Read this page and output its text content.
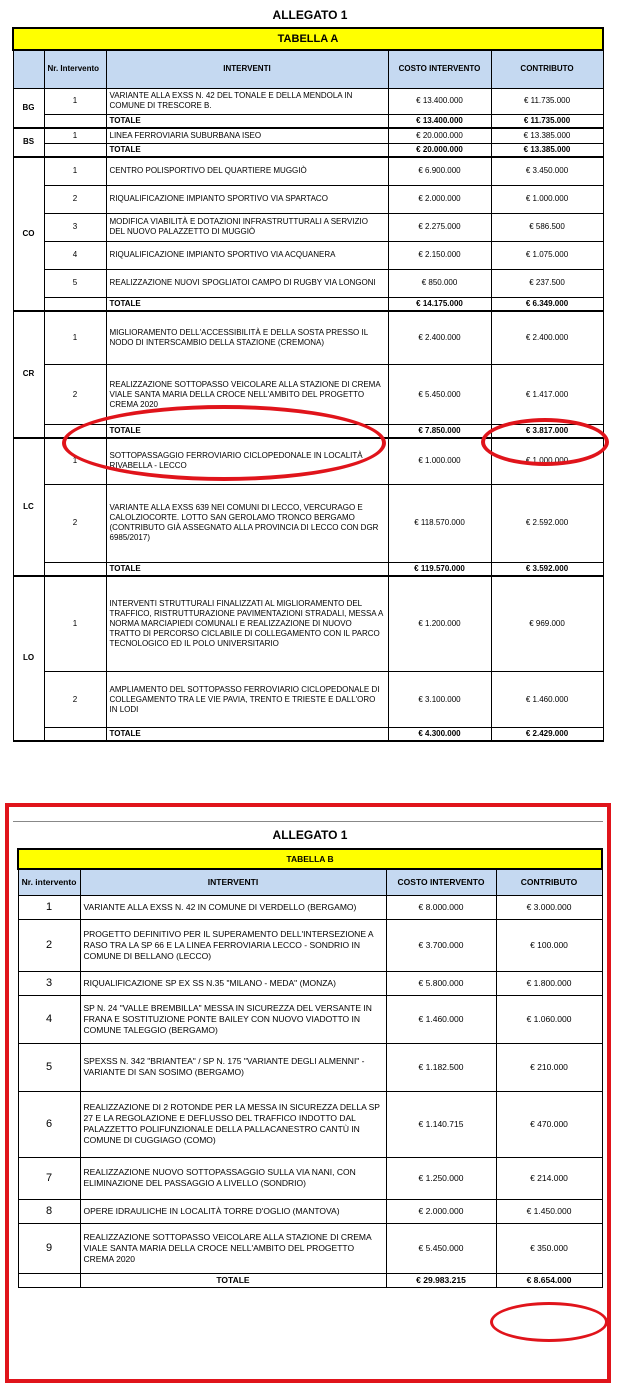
ALLEGATO 1
TABELLA A				
	Nr. Intervento	INTERVENTI	COSTO INTERVENTO	CONTRIBUTO
BG	1	VARIANTE ALLA EXSS N. 42 DEL TONALE E DELLA MENDOLA IN COMUNE DI TRESCORE B.	€ 13.400.000	€ 11.735.000
		TOTALE	€ 13.400.000	€ 11.735.000
BS	1	LINEA FERROVIARIA SUBURBANA ISEO	€ 20.000.000	€ 13.385.000
		TOTALE	€ 20.000.000	€ 13.385.000
CO	1	CENTRO POLISPORTIVO DEL QUARTIERE MUGGIÒ	€ 6.900.000	€ 3.450.000
	2	RIQUALIFICAZIONE IMPIANTO SPORTIVO VIA SPARTACO	€ 2.000.000	€ 1.000.000
	3	MODIFICA VIABILITÀ E DOTAZIONI INFRASTRUTTURALI A SERVIZIO DEL NUOVO PALAZZETTO DI MUGGIÒ	€ 2.275.000	€ 586.500
	4	RIQUALIFICAZIONE IMPIANTO SPORTIVO VIA ACQUANERA	€ 2.150.000	€ 1.075.000
	5	REALIZZAZIONE NUOVI SPOGLIATOI CAMPO DI RUGBY VIA LONGONI	€ 850.000	€ 237.500
		TOTALE	€ 14.175.000	€ 6.349.000
CR	1	MIGLIORAMENTO DELL'ACCESSIBILITÀ E DELLA SOSTA PRESSO IL NODO DI INTERSCAMBIO DELLA STAZIONE (CREMONA)	€ 2.400.000	€ 2.400.000
	2	REALIZZAZIONE SOTTOPASSO VEICOLARE ALLA STAZIONE DI CREMA VIALE SANTA MARIA DELLA CROCE NELL'AMBITO DEL PROGETTO CREMA 2020	€ 5.450.000	€ 1.417.000
		TOTALE	€ 7.850.000	€ 3.817.000
LC	1	SOTTOPASSAGGIO FERROVIARIO CICLOPEDONALE IN LOCALITÀ RIVABELLA - LECCO	€ 1.000.000	€ 1.000.000
	2	VARIANTE ALLA EXSS 639 NEI COMUNI DI LECCO, VERCURAGO E CALOLZIOCORTE. LOTTO SAN GEROLAMO TRONCO BERGAMO (CONTRIBUTO GIÀ ASSEGNATO ALLA PROVINCIA DI LECCO CON DGR 6985/2017)	€ 118.570.000	€ 2.592.000
		TOTALE	€ 119.570.000	€ 3.592.000
LO	1	INTERVENTI STRUTTURALI FINALIZZATI AL MIGLIORAMENTO DEL TRAFFICO, RISTRUTTURAZIONE PAVIMENTAZIONI STRADALI, MESSA A NORMA MARCIAPIEDI COMUNALI E REALIZZAZIONE DI NUOVO TRATTO DI PERCORSO CICLABILE DI COLLEGAMENTO CON IL PARCO TECNOLOGICO ED IL POLO UNIVERSITARIO	€ 1.200.000	€ 969.000
	2	AMPLIAMENTO DEL SOTTOPASSO FERROVIARIO CICLOPEDONALE DI COLLEGAMENTO TRA LE VIE PAVIA, TRENTO E TRIESTE E DALL'ORO IN LODI	€ 3.100.000	€ 1.460.000
		TOTALE	€ 4.300.000	€ 2.429.000
ALLEGATO 1
TABELLA B			
Nr. intervento	INTERVENTI	COSTO INTERVENTO	CONTRIBUTO
1	VARIANTE ALLA EXSS N. 42 IN COMUNE DI VERDELLO (BERGAMO)	€ 8.000.000	€ 3.000.000
2	PROGETTO DEFINITIVO PER IL SUPERAMENTO DELL'INTERSEZIONE A RASO TRA LA SP 66 E LA LINEA FERROVIARIA LECCO - SONDRIO IN COMUNE DI BELLANO (LECCO)	€ 3.700.000	€ 100.000
3	RIQUALIFICAZIONE SP EX SS N.35 "MILANO - MEDA" (MONZA)	€ 5.800.000	€ 1.800.000
4	SP N. 24 "VALLE BREMBILLA" MESSA IN SICUREZZA DEL VERSANTE IN FRANA E SOSTITUZIONE PONTE BAILEY CON NUOVO VIADOTTO IN COMUNE TALEGGIO (BERGAMO)	€ 1.460.000	€ 1.060.000
5	SPEXSS N. 342 "BRIANTEA" / SP N. 175 "VARIANTE DEGLI ALMENNI" - VARIANTE DI SAN SOSIMO (BERGAMO)	€ 1.182.500	€ 210.000
6	REALIZZAZIONE DI 2 ROTONDE PER LA MESSA IN SICUREZZA DELLA SP 27 E LA REGOLAZIONE E DEFLUSSO DEL TRAFFICO INDOTTO DAL PALAZZETTO POLIFUNZIONALE DELLA PALLACANESTRO CANTÙ IN COMUNE DI CUGGIAGO (COMO)	€ 1.140.715	€ 470.000
7	REALIZZAZIONE NUOVO SOTTOPASSAGGIO SULLA VIA NANI, CON ELIMINAZIONE DEL PASSAGGIO A LIVELLO (SONDRIO)	€ 1.250.000	€ 214.000
8	OPERE IDRAULICHE IN LOCALITÀ TORRE D'OGLIO (MANTOVA)	€ 2.000.000	€ 1.450.000
9	REALIZZAZIONE SOTTOPASSO VEICOLARE ALLA STAZIONE DI CREMA VIALE SANTA MARIA DELLA CROCE NELL'AMBITO DEL PROGETTO CREMA 2020	€ 5.450.000	€ 350.000
	TOTALE	€ 29.983.215	€ 8.654.000
